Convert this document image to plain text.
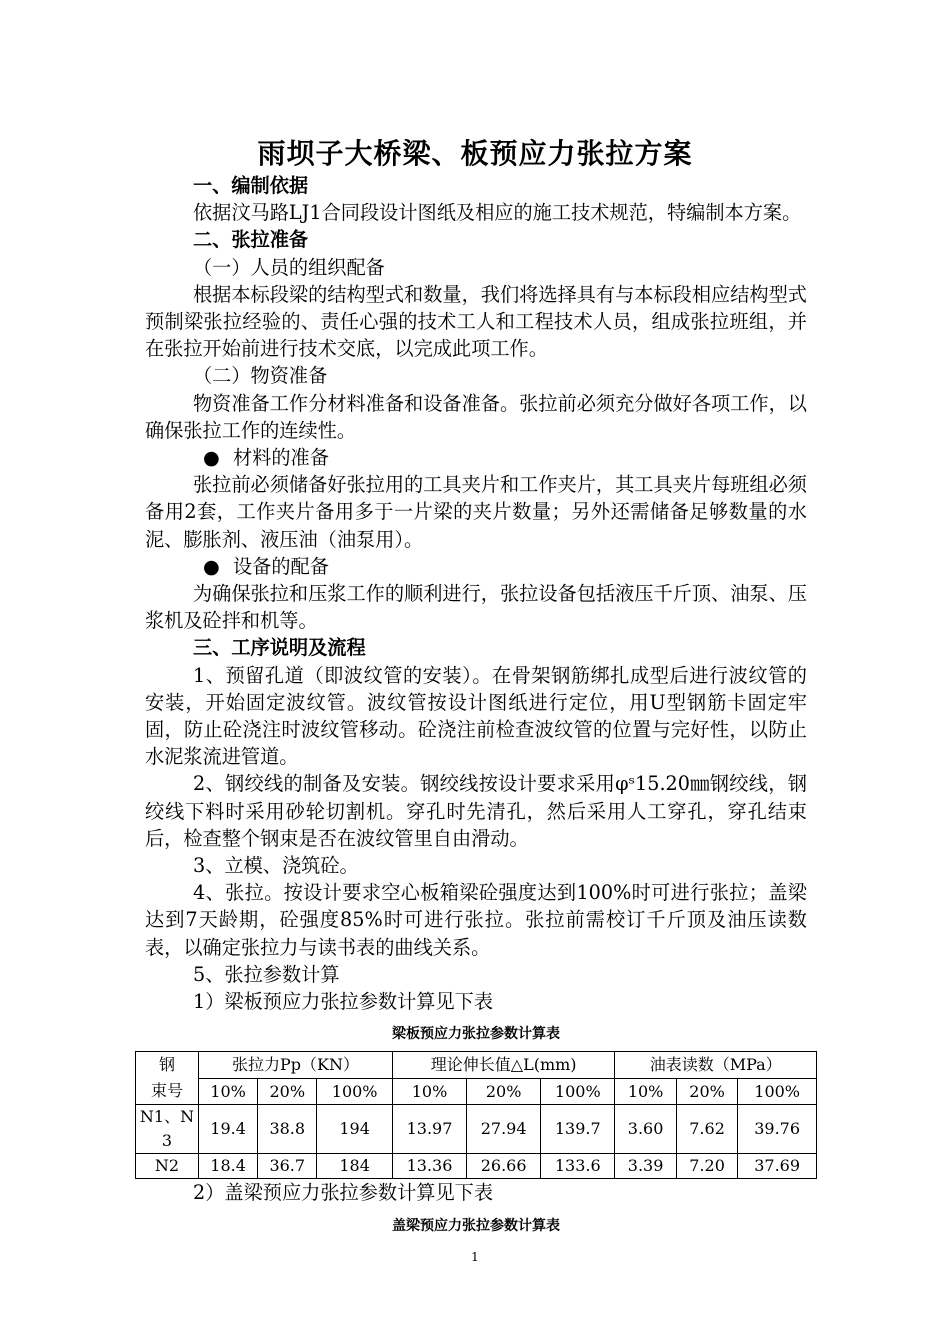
雨坝子大桥梁、板预应力张拉方案

一、编制依据

依据汶马路LJ1合同段设计图纸及相应的施工技术规范，特编制本方案。

二、张拉准备

（一）人员的组织配备

根据本标段梁的结构型式和数量，我们将选择具有与本标段相应结构型式预制梁张拉经验的、责任心强的技术工人和工程技术人员，组成张拉班组，并在张拉开始前进行技术交底，以完成此项工作。

（二）物资准备

物资准备工作分材料准备和设备准备。张拉前必须充分做好各项工作，以确保张拉工作的连续性。

● 材料的准备

张拉前必须储备好张拉用的工具夹片和工作夹片，其工具夹片每班组必须备用2套，工作夹片备用多于一片梁的夹片数量；另外还需储备足够数量的水泥、膨胀剂、液压油（油泵用）。

● 设备的配备

为确保张拉和压浆工作的顺利进行，张拉设备包括液压千斤顶、油泵、压浆机及砼拌和机等。

三、工序说明及流程

1、预留孔道（即波纹管的安装）。在骨架钢筋绑扎成型后进行波纹管的安装，开始固定波纹管。波纹管按设计图纸进行定位，用U型钢筋卡固定牢固，防止砼浇注时波纹管移动。砼浇注前检查波纹管的位置与完好性，以防止水泥浆流进管道。

2、钢绞线的制备及安装。钢绞线按设计要求采用φˢ15.20㎜钢绞线，钢绞线下料时采用砂轮切割机。穿孔时先清孔，然后采用人工穿孔，穿孔结束后，检查整个钢束是否在波纹管里自由滑动。

3、立模、浇筑砼。

4、张拉。按设计要求空心板箱梁砼强度达到100%时可进行张拉；盖梁达到7天龄期，砼强度85%时可进行张拉。张拉前需校订千斤顶及油压读数表，以确定张拉力与读书表的曲线关系。

5、张拉参数计算

1）梁板预应力张拉参数计算见下表

梁板预应力张拉参数计算表
钢
束号	张拉力Pp（KN）			理论伸长值△L(mm)			油表读数（MPa）		
	10%	20%	100%	10%	20%	100%	10%	20%	100%
N1、N3	19.4	38.8	194	13.97	27.94	139.7	3.60	7.62	39.76
N2	18.4	36.7	184	13.36	26.66	133.6	3.39	7.20	37.69

2）盖梁预应力张拉参数计算见下表

盖梁预应力张拉参数计算表
1
